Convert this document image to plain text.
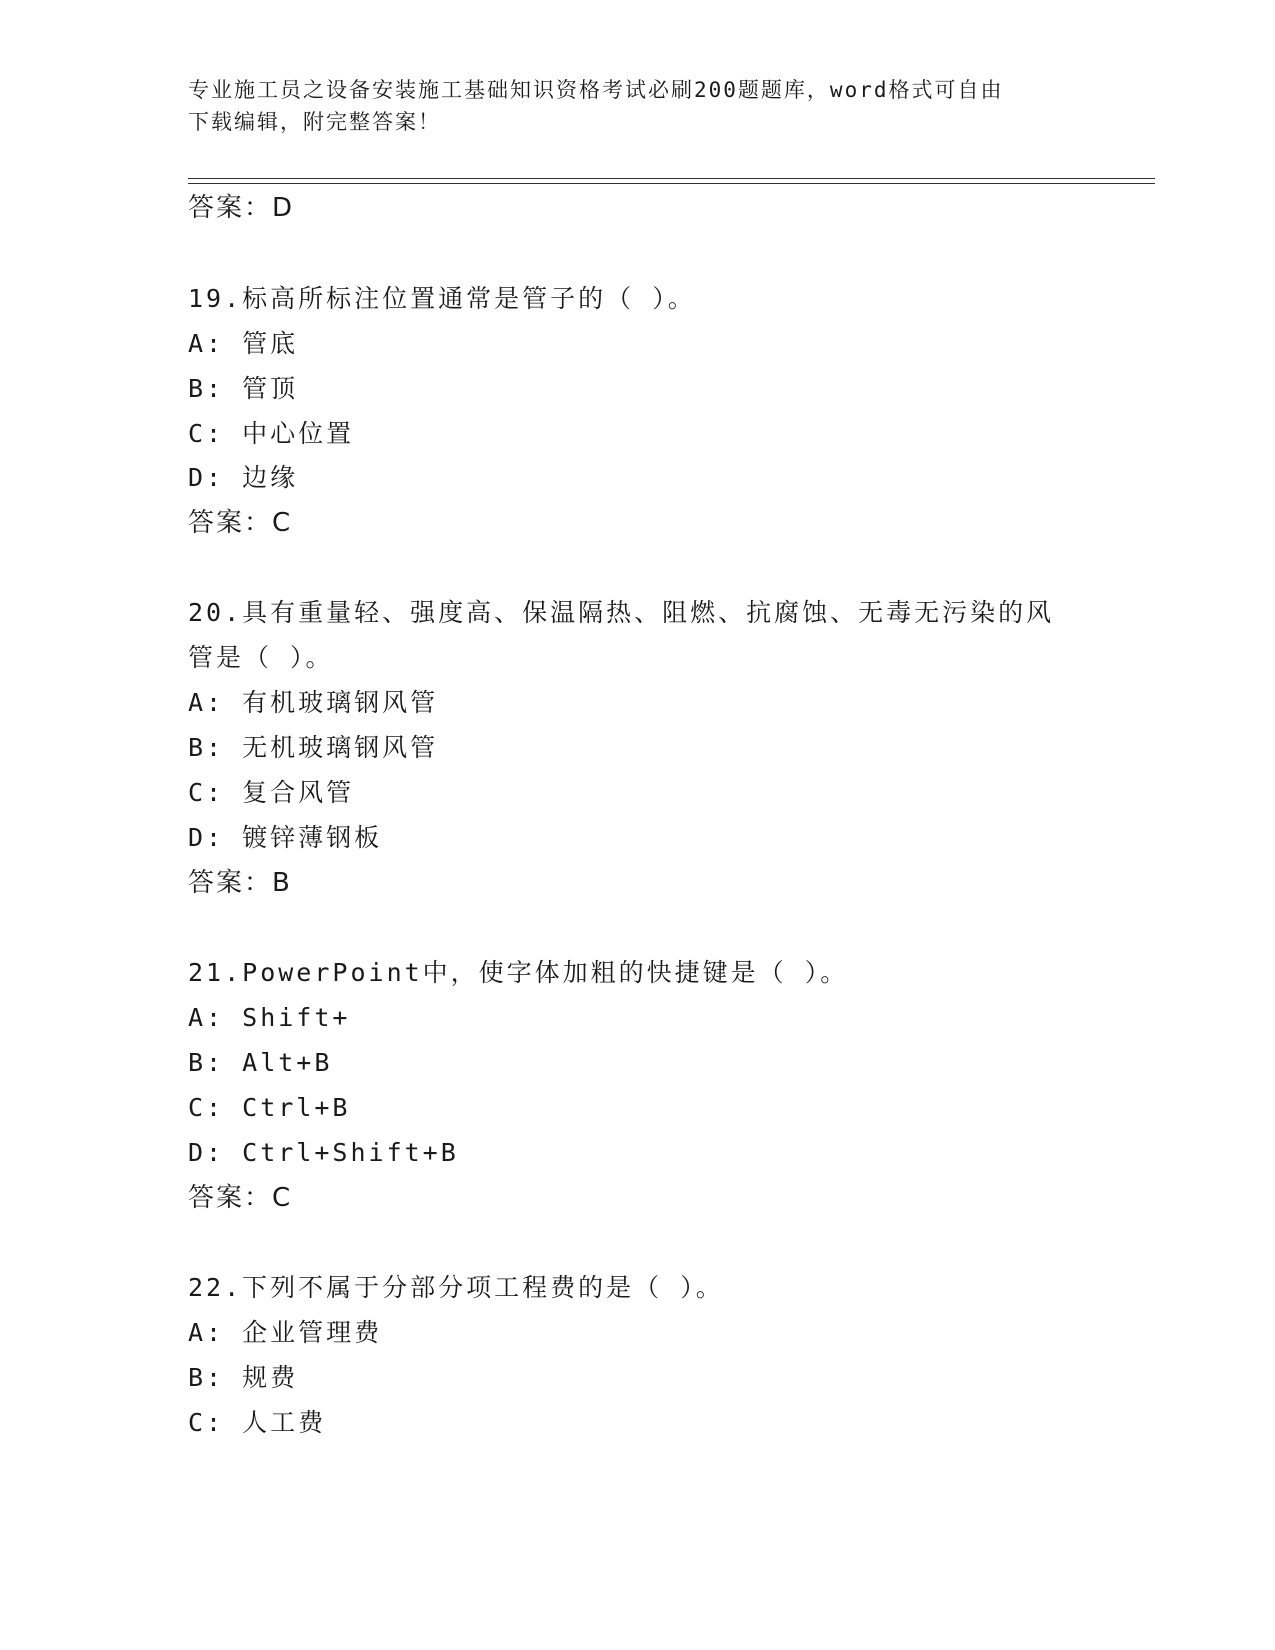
专业施工员之设备安装施工基础知识资格考试必刷200题题库，word格式可自由
下载编辑，附完整答案！
答案：D
19.标高所标注位置通常是管子的（ ）。
A: 管底
B: 管顶
C: 中心位置
D: 边缘
答案：C
20.具有重量轻、强度高、保温隔热、阻燃、抗腐蚀、无毒无污染的风
管是（ ）。
A: 有机玻璃钢风管
B: 无机玻璃钢风管
C: 复合风管
D: 镀锌薄钢板
答案：B
21.PowerPoint中，使字体加粗的快捷键是（ ）。
A: Shift+
B: Alt+B
C: Ctrl+B
D: Ctrl+Shift+B
答案：C
22.下列不属于分部分项工程费的是（ ）。
A: 企业管理费
B: 规费
C: 人工费
